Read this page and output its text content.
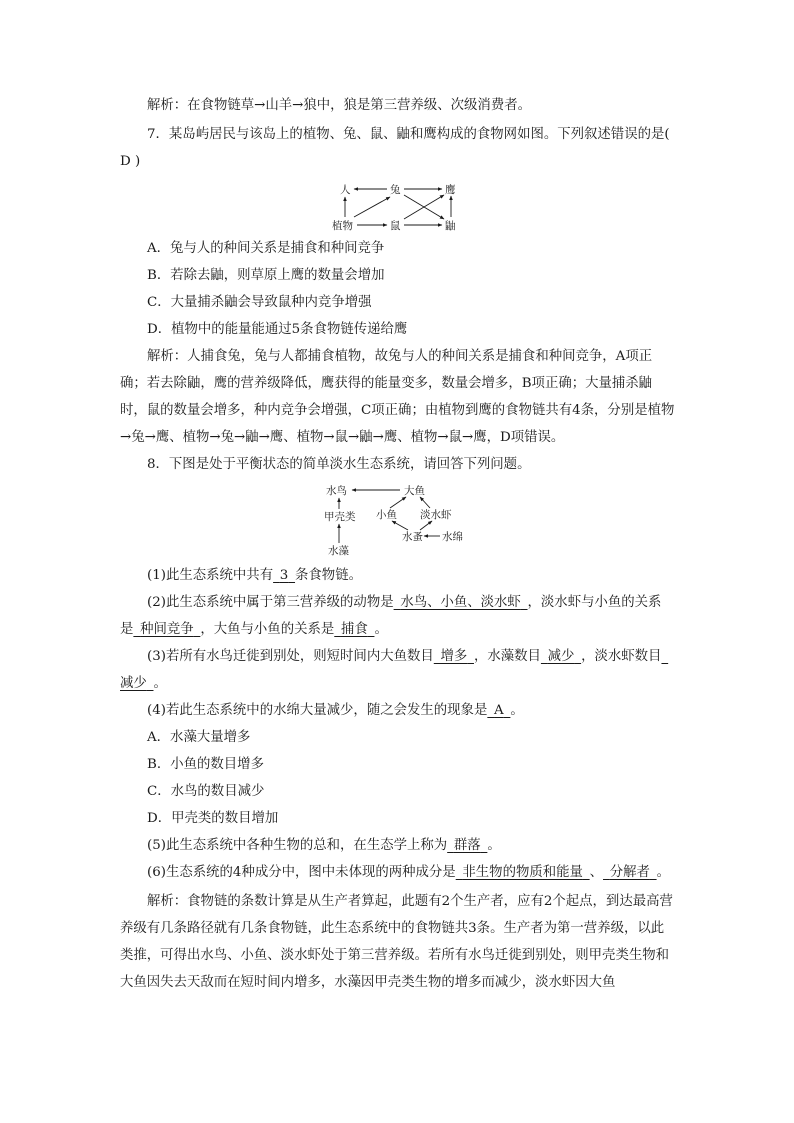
解析：在食物链草→山羊→狼中，狼是第三营养级、次级消费者。

7．某岛屿居民与该岛上的植物、兔、鼠、鼬和鹰构成的食物网如图。下列叙述错误的是( D )

人	兔	鹰
植物	鼠	鼬

A．兔与人的种间关系是捕食和种间竞争

B．若除去鼬，则草原上鹰的数量会增加

C．大量捕杀鼬会导致鼠种内竞争增强

D．植物中的能量能通过5条食物链传递给鹰

解析：人捕食兔，兔与人都捕食植物，故兔与人的种间关系是捕食和种间竞争，A项正确；若去除鼬，鹰的营养级降低，鹰获得的能量变多，数量会增多，B项正确；大量捕杀鼬时，鼠的数量会增多，种内竞争会增强，C项正确；由植物到鹰的食物链共有4条，分别是植物→兔→鹰、植物→兔→鼬→鹰、植物→鼠→鼬→鹰、植物→鼠→鹰，D项错误。

8．下图是处于平衡状态的简单淡水生态系统，请回答下列问题。

水鸟	大鱼
甲壳类 小鱼 淡水虾
水蚤 水绵
水藻

(1)此生态系统中共有  3  条食物链。

(2)此生态系统中属于第三营养级的动物是  水鸟、小鱼、淡水虾  ，淡水虾与小鱼的关系是  种间竞争  ，大鱼与小鱼的关系是  捕食  。

(3)若所有水鸟迁徙到别处，则短时间内大鱼数目  增多  ，水藻数目  减少  ，淡水虾数目 减少  。

(4)若此生态系统中的水绵大量减少，随之会发生的现象是  A  。

A．水藻大量增多

B．小鱼的数目增多

C．水鸟的数目减少

D．甲壳类的数目增加

(5)此生态系统中各种生物的总和，在生态学上称为  群落  。

(6)生态系统的4种成分中，图中未体现的两种成分是  非生物的物质和能量  、  分解者  。

解析：食物链的条数计算是从生产者算起，此题有2个生产者，应有2个起点，到达最高营养级有几条路径就有几条食物链，此生态系统中的食物链共3条。生产者为第一营养级，以此类推，可得出水鸟、小鱼、淡水虾处于第三营养级。若所有水鸟迁徙到别处，则甲壳类生物和大鱼因失去天敌而在短时间内增多，水藻因甲壳类生物的增多而减少，淡水虾因大鱼
